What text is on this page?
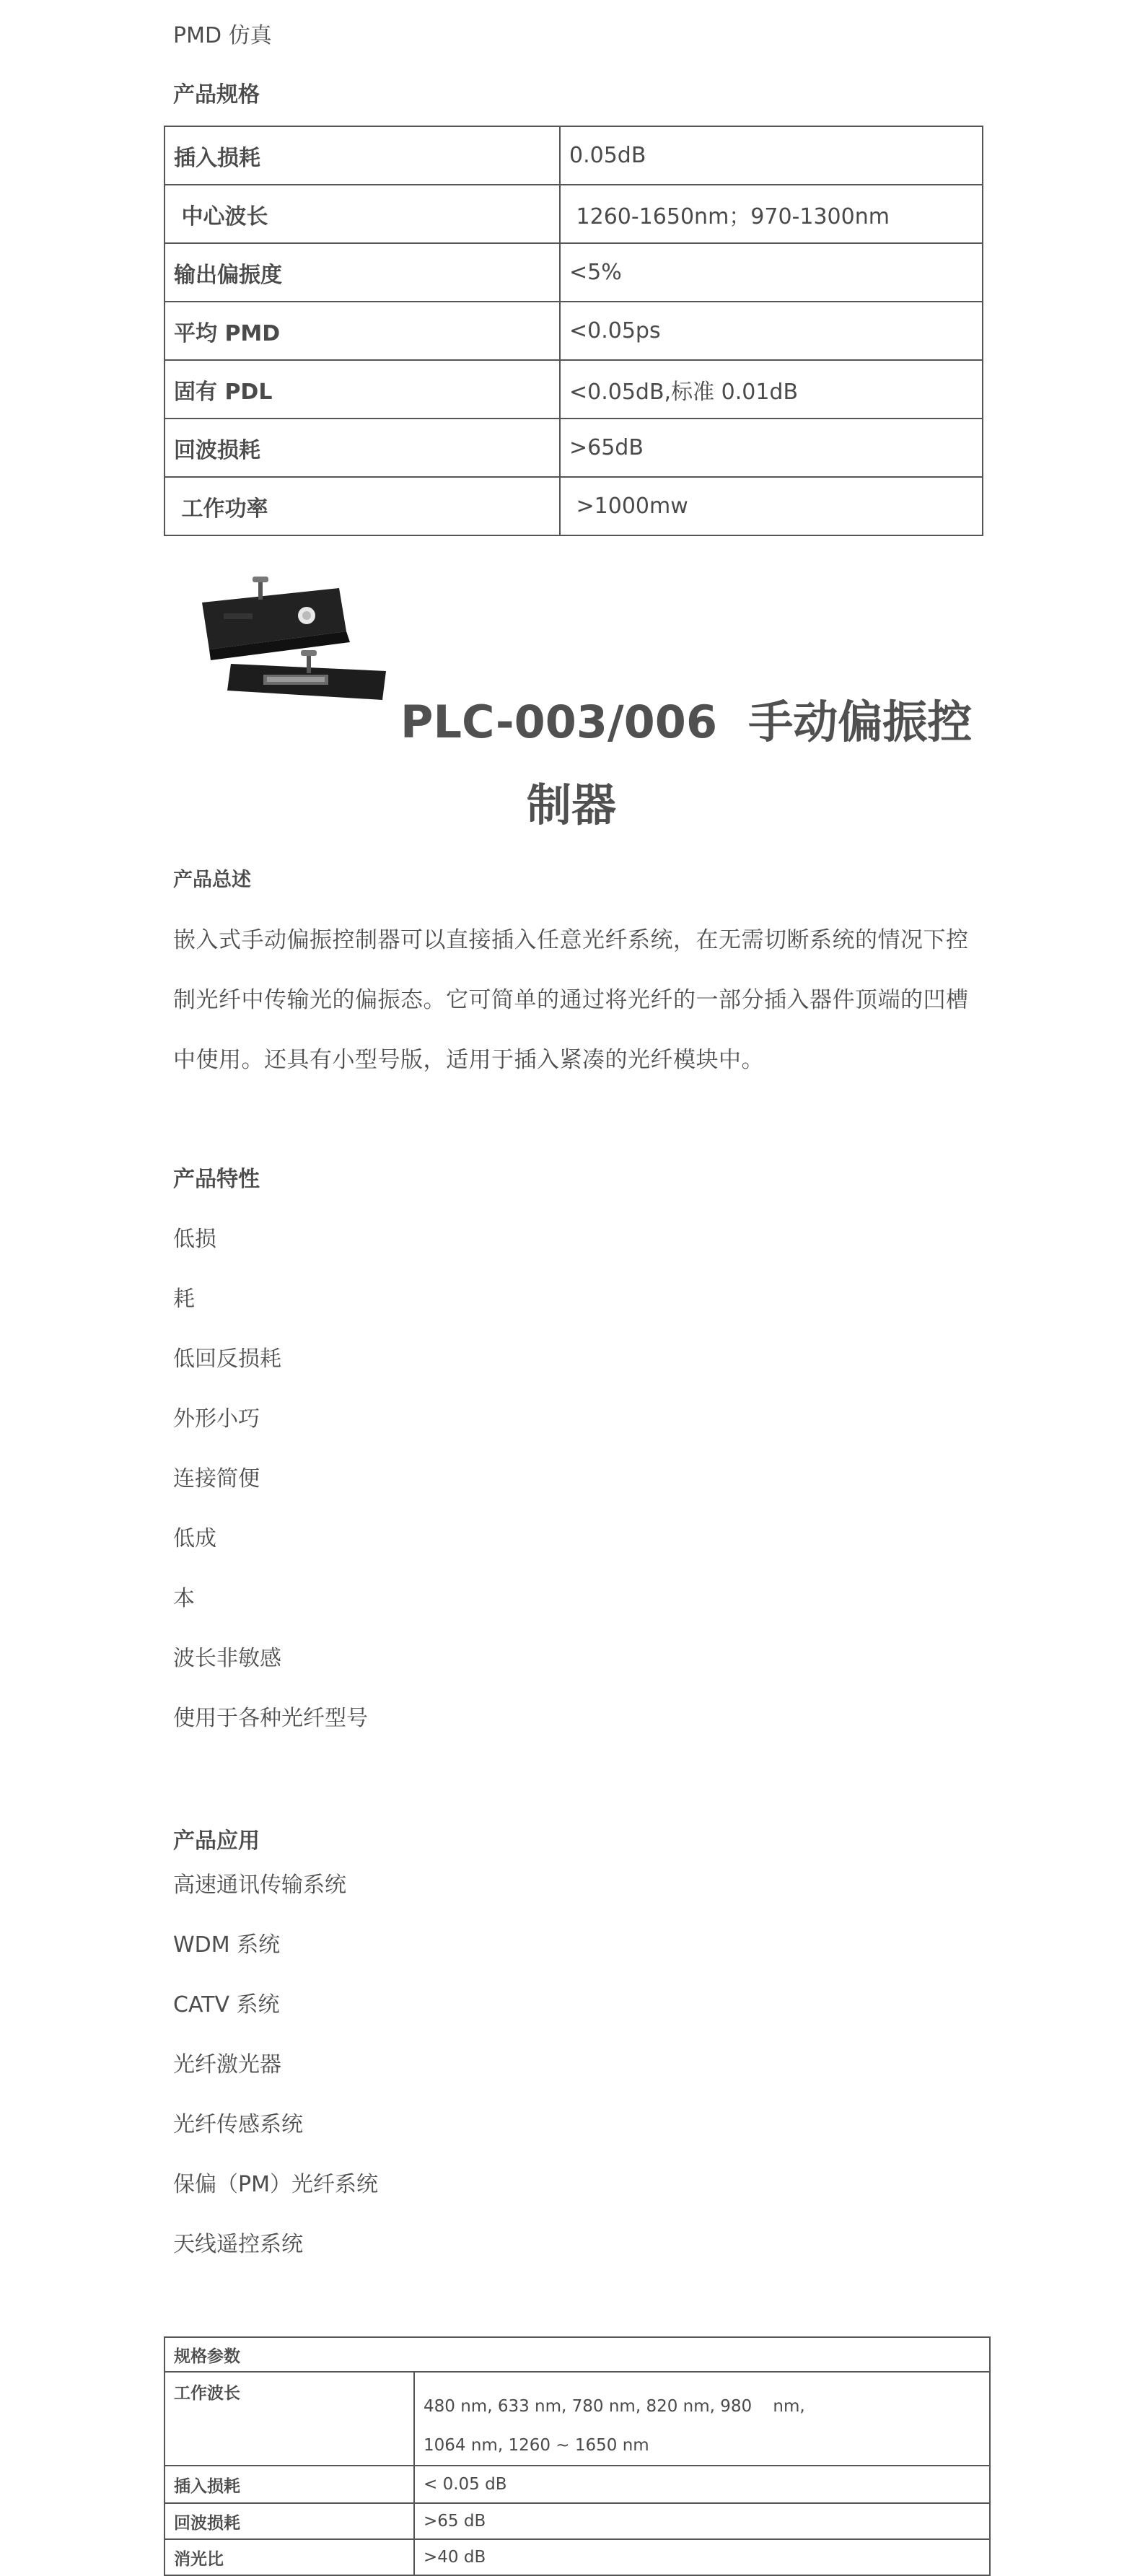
PMD 仿真
产品规格
插入损耗	0.05dB
中心波长	1260-1650nm；970-1300nm
输出偏振度	<5%
平均 PMD	<0.05ps
固有 PDL	<0.05dB,标准 0.01dB
回波损耗	>65dB
工作功率	>1000mw
PLC-003/006  手动偏振控
制器
产品总述
嵌入式手动偏振控制器可以直接插入任意光纤系统，在无需切断系统的情况下控
制光纤中传输光的偏振态。它可简单的通过将光纤的一部分插入器件顶端的凹槽
中使用。还具有小型号版，适用于插入紧凑的光纤模块中。
产品特性
低损
耗
低回反损耗
外形小巧
连接简便
低成
本
波长非敏感
使用于各种光纤型号
产品应用
高速通讯传输系统
WDM 系统
CATV 系统
光纤激光器
光纤传感系统
保偏（PM）光纤系统
天线遥控系统
规格参数	
工作波长	480 nm, 633 nm, 780 nm, 820 nm, 980    nm,
1064 nm, 1260 ~ 1650 nm

插入损耗	< 0.05 dB
回波损耗	>65 dB
消光比	>40 dB
